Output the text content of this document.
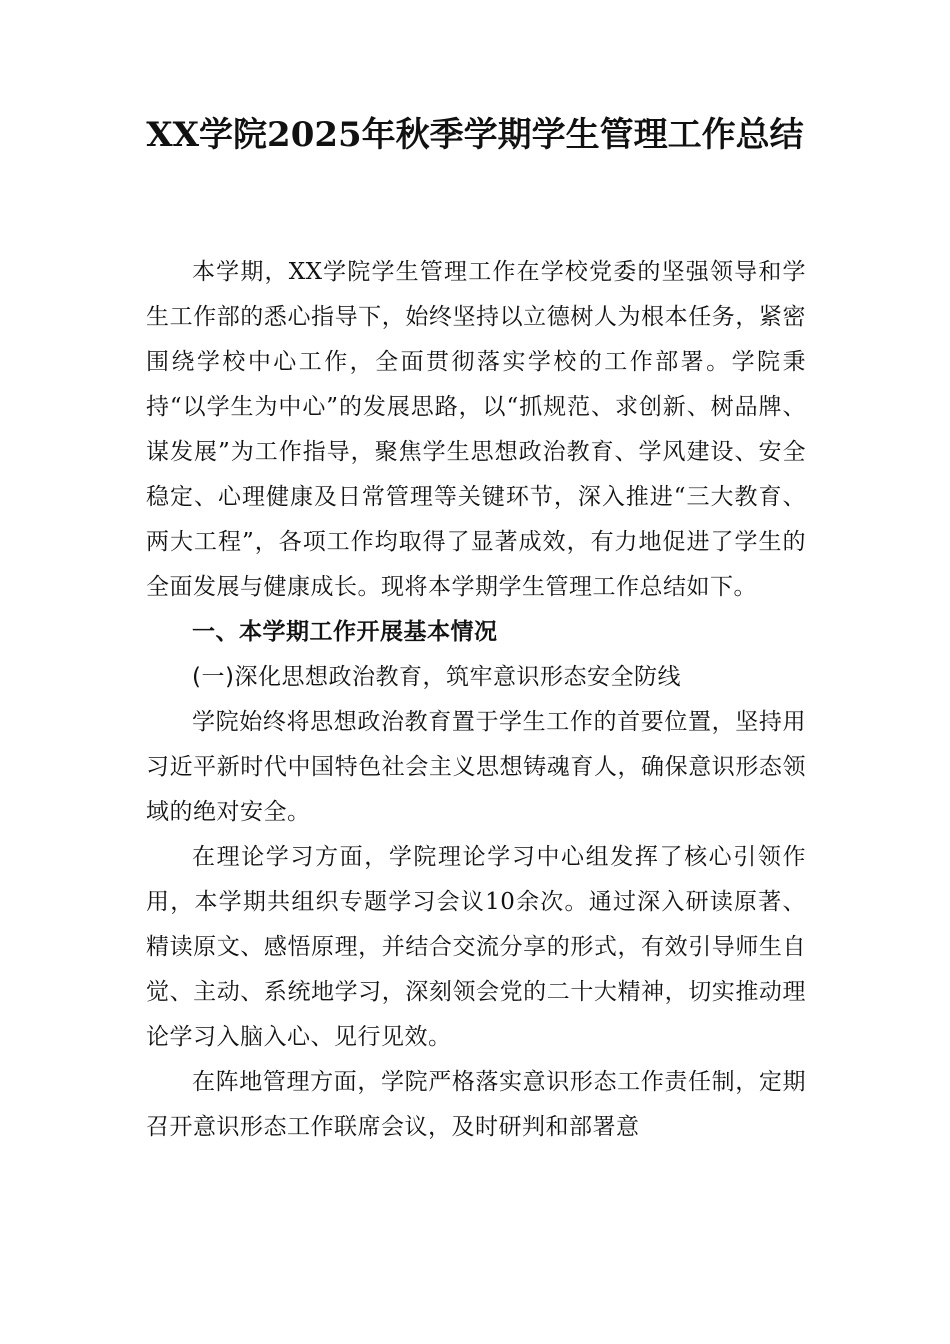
XX学院2025年秋季学期学生管理工作总结

本学期，XX学院学生管理工作在学校党委的坚强领导和学生工作部的悉心指导下，始终坚持以立德树人为根本任务，紧密围绕学校中心工作，全面贯彻落实学校的工作部署。学院秉持“以学生为中心”的发展思路，以“抓规范、求创新、树品牌、谋发展”为工作指导，聚焦学生思想政治教育、学风建设、安全稳定、心理健康及日常管理等关键环节，深入推进“三大教育、两大工程”，各项工作均取得了显著成效，有力地促进了学生的全面发展与健康成长。现将本学期学生管理工作总结如下。

一、本学期工作开展基本情况

(一)深化思想政治教育，筑牢意识形态安全防线

学院始终将思想政治教育置于学生工作的首要位置，坚持用习近平新时代中国特色社会主义思想铸魂育人，确保意识形态领域的绝对安全。

在理论学习方面，学院理论学习中心组发挥了核心引领作用，本学期共组织专题学习会议10余次。通过深入研读原著、精读原文、感悟原理，并结合交流分享的形式，有效引导师生自觉、主动、系统地学习，深刻领会党的二十大精神，切实推动理论学习入脑入心、见行见效。

在阵地管理方面，学院严格落实意识形态工作责任制，定期召开意识形态工作联席会议，及时研判和部署意
